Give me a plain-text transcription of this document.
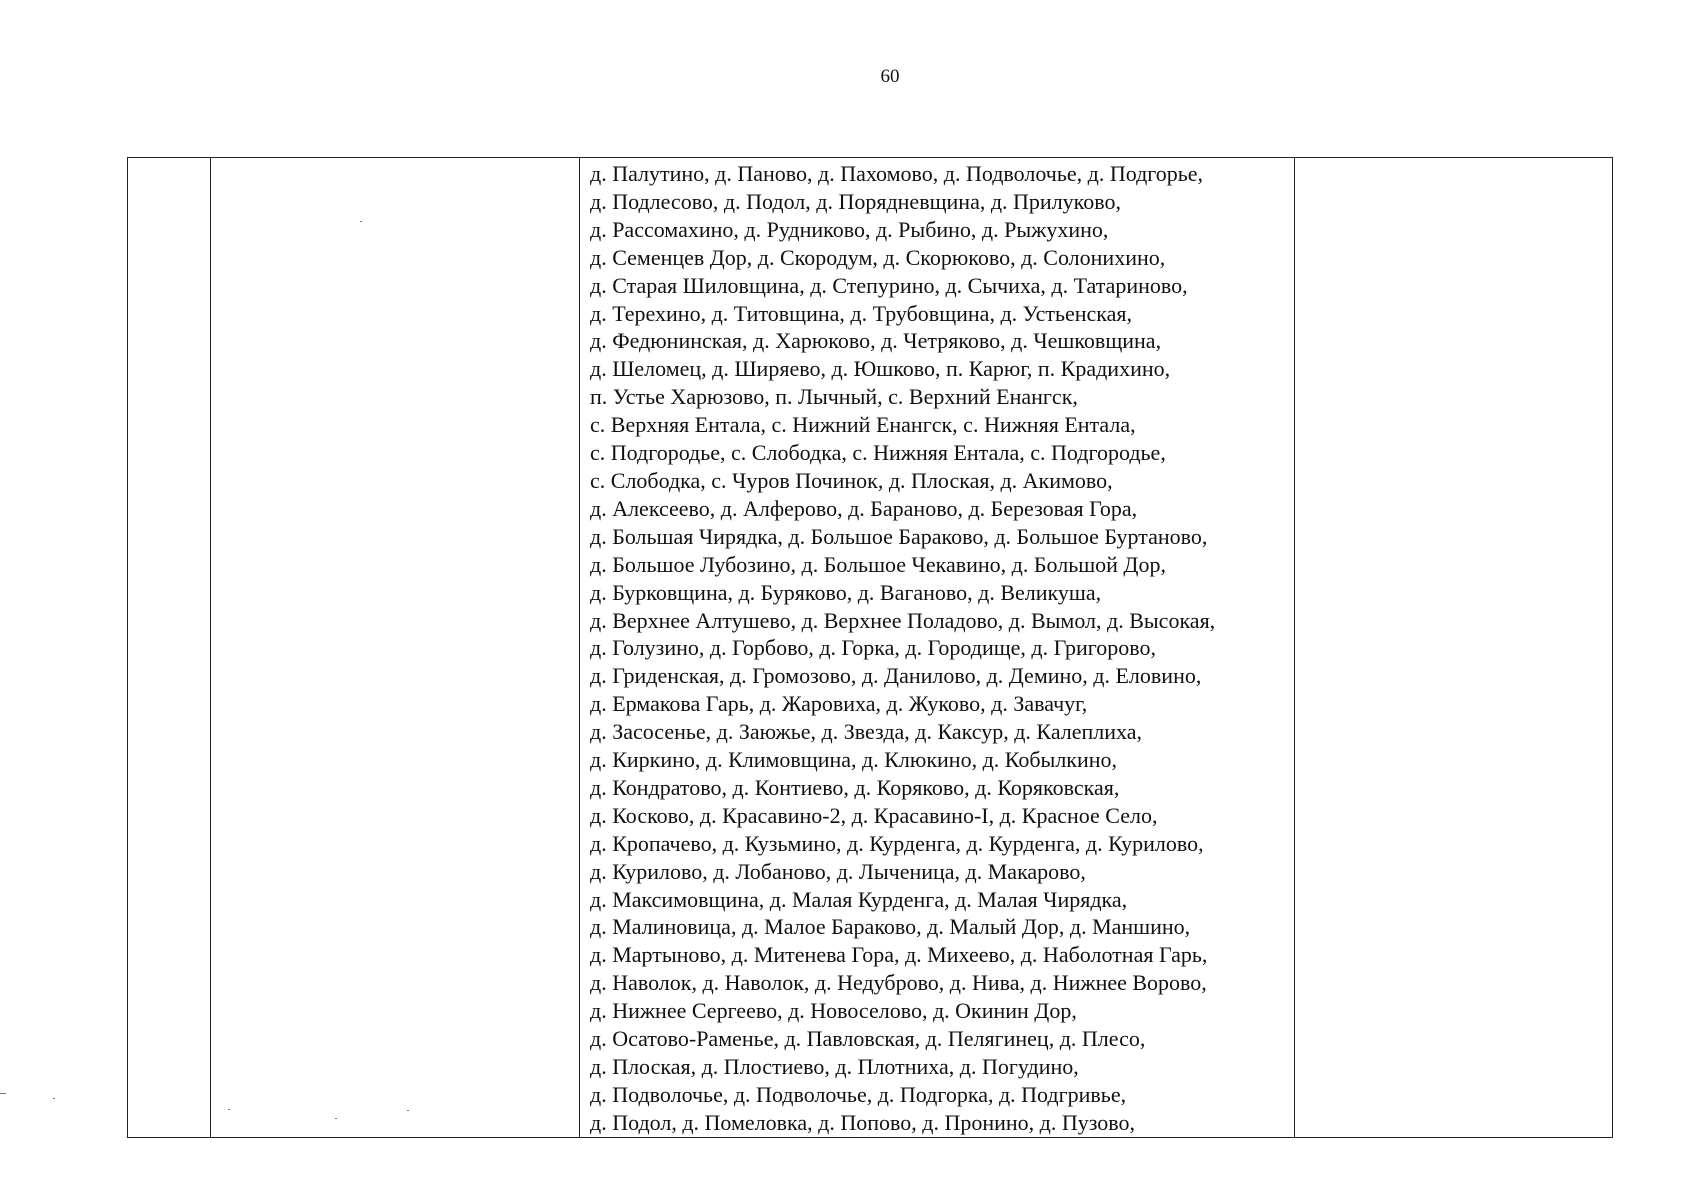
60

д. Палутино, д. Паново, д. Пахомово, д. Подволочье, д. Подгорье,
д. Подлесово, д. Подол, д. Порядневщина, д. Прилуково,
д. Рассомахино, д. Рудниково, д. Рыбино, д. Рыжухино,
д. Семенцев Дор, д. Скородум, д. Скорюково, д. Солонихино,
д. Старая Шиловщина, д. Степурино, д. Сычиха, д. Татариново,
д. Терехино, д. Титовщина, д. Трубовщина, д. Устьенская,
д. Федюнинская, д. Харюково, д. Четряково, д. Чешковщина,
д. Шеломец, д. Ширяево, д. Юшково, п. Карюг, п. Крадихино,
п. Устье Харюзово, п. Лычный, с. Верхний Енангск,
с. Верхняя Ентала, с. Нижний Енангск, с. Нижняя Ентала,
с. Подгородье, с. Слободка, с. Нижняя Ентала, с. Подгородье,
с. Слободка, с. Чуров Починок, д. Плоская, д. Акимово,
д. Алексеево, д. Алферово, д. Бараново, д. Березовая Гора,
д. Большая Чирядка, д. Большое Бараково, д. Большое Буртаново,
д. Большое Лубозино, д. Большое Чекавино, д. Большой Дор,
д. Бурковщина, д. Буряково, д. Ваганово, д. Великуша,
д. Верхнее Алтушево, д. Верхнее Поладово, д. Вымол, д. Высокая,
д. Голузино, д. Горбово, д. Горка, д. Городище, д. Григорово,
д. Гриденская, д. Громозово, д. Данилово, д. Демино, д. Еловино,
д. Ермакова Гарь, д. Жаровиха, д. Жуково, д. Завачуг,
д. Засосенье, д. Заюжье, д. Звезда, д. Каксур, д. Калеплиха,
д. Киркино, д. Климовщина, д. Клюкино, д. Кобылкино,
д. Кондратово, д. Контиево, д. Коряково, д. Коряковская,
д. Косково, д. Красавино-2, д. Красавино-I, д. Красное Село,
д. Кропачево, д. Кузьмино, д. Курденга, д. Курденга, д. Курилово,
д. Курилово, д. Лобаново, д. Лыченица, д. Макарово,
д. Максимовщина, д. Малая Курденга, д. Малая Чирядка,
д. Малиновица, д. Малое Бараково, д. Малый Дор, д. Маншино,
д. Мартыново, д. Митенева Гора, д. Михеево, д. Наболотная Гарь,
д. Наволок, д. Наволок, д. Недуброво, д. Нива, д. Нижнее Ворово,
д. Нижнее Сергеево, д. Новоселово, д. Окинин Дор,
д. Осатово-Раменье, д. Павловская, д. Пелягинец, д. Плесо,
д. Плоская, д. Плостиево, д. Плотниха, д. Погудино,
д. Подволочье, д. Подволочье, д. Подгорка, д. Подгривье,
д. Подол, д. Помеловка, д. Попово, д. Пронино, д. Пузово,
